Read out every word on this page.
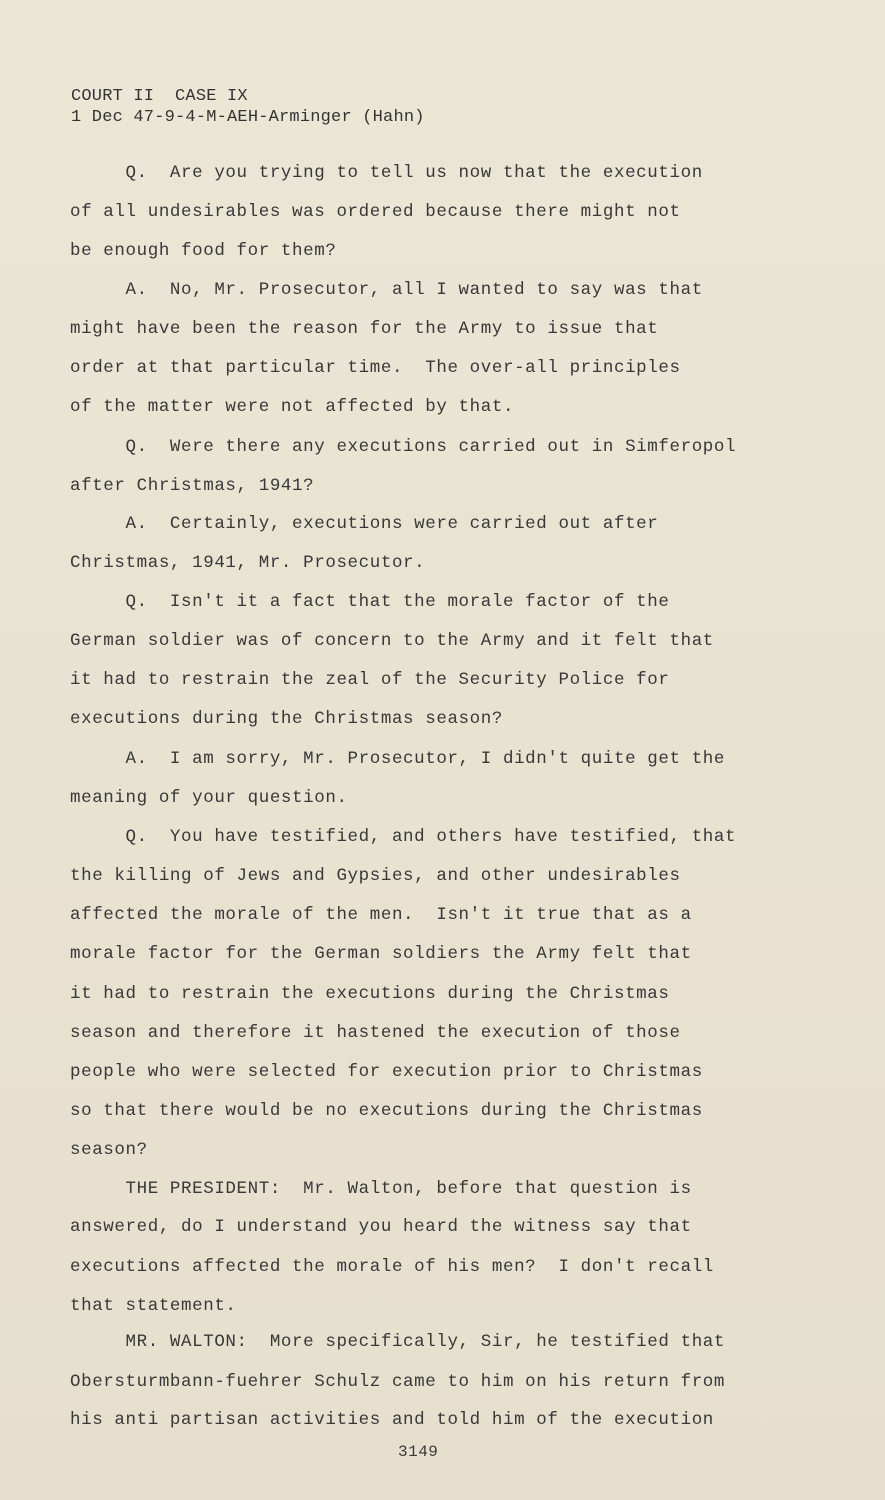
COURT II  CASE IX
1 Dec 47-9-4-M-AEH-Arminger (Hahn)
Q.  Are you trying to tell us now that the execution
of all undesirables was ordered because there might not
be enough food for them?
A.  No, Mr. Prosecutor, all I wanted to say was that
might have been the reason for the Army to issue that
order at that particular time.  The over-all principles
of the matter were not affected by that.
Q.  Were there any executions carried out in Simferopol
after Christmas, 1941?
A.  Certainly, executions were carried out after
Christmas, 1941, Mr. Prosecutor.
Q.  Isn't it a fact that the morale factor of the
German soldier was of concern to the Army and it felt that
it had to restrain the zeal of the Security Police for
executions during the Christmas season?
A.  I am sorry, Mr. Prosecutor, I didn't quite get the
meaning of your question.
Q.  You have testified, and others have testified, that
the killing of Jews and Gypsies, and other undesirables
affected the morale of the men.  Isn't it true that as a
morale factor for the German soldiers the Army felt that
it had to restrain the executions during the Christmas
season and therefore it hastened the execution of those
people who were selected for execution prior to Christmas
so that there would be no executions during the Christmas
season?
THE PRESIDENT:  Mr. Walton, before that question is
answered, do I understand you heard the witness say that
executions affected the morale of his men?  I don't recall
that statement.
MR. WALTON:  More specifically, Sir, he testified that
Obersturmbann-fuehrer Schulz came to him on his return from
his anti partisan activities and told him of the execution
3149
